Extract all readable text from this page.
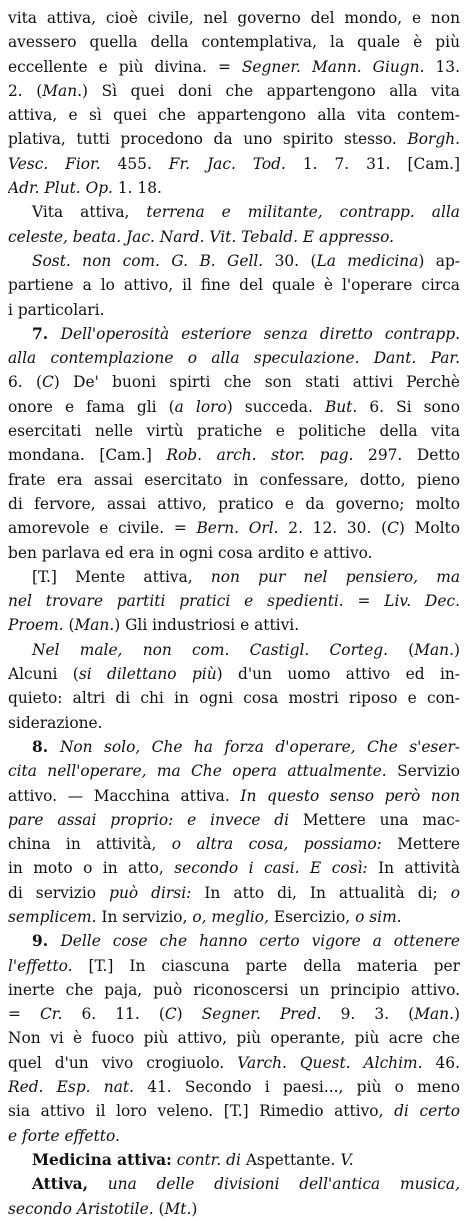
vita attiva, cioè civile, nel governo del mondo, e non
avessero quella della contemplativa, la quale è più
eccellente e più divina. = Segner. Mann. Giugn. 13.
2. (Man.) Sì quei doni che appartengono alla vita
attiva, e sì quei che appartengono alla vita contem-
plativa, tutti procedono da uno spirito stesso. Borgh.
Vesc. Fior. 455. Fr. Jac. Tod. 1. 7. 31. [Cam.]
Adr. Plut. Op. 1. 18.
Vita attiva, terrena e militante, contrapp. alla
celeste, beata. Jac. Nard. Vit. Tebald. E appresso.
Sost. non com. G. B. Gell. 30. (La medicina) ap-
partiene a lo attivo, il fine del quale è l'operare circa
i particolari.
7. Dell'operosità esteriore senza diretto contrapp.
alla contemplazione o alla speculazione. Dant. Par.
6. (C) De' buoni spirti che son stati attivi Perchè
onore e fama gli (a loro) succeda. But. 6. Si sono
esercitati nelle virtù pratiche e politiche della vita
mondana. [Cam.] Rob. arch. stor. pag. 297. Detto
frate era assai esercitato in confessare, dotto, pieno
di fervore, assai attivo, pratico e da governo; molto
amorevole e civile. = Bern. Orl. 2. 12. 30. (C) Molto
ben parlava ed era in ogni cosa ardito e attivo.
[T.] Mente attiva, non pur nel pensiero, ma
nel trovare partiti pratici e spedienti. = Liv. Dec.
Proem. (Man.) Gli industriosi e attivi.
Nel male, non com. Castigl. Corteg. (Man.)
Alcuni (si dilettano più) d'un uomo attivo ed in-
quieto: altri di chi in ogni cosa mostri riposo e con-
siderazione.
8. Non solo, Che ha forza d'operare, Che s'eser-
cita nell'operare, ma Che opera attualmente. Servizio
attivo. — Macchina attiva. In questo senso però non
pare assai proprio: e invece di Mettere una mac-
china in attività, o altra cosa, possiamo: Mettere
in moto o in atto, secondo i casi. E così: In attività
di servizio può dirsi: In atto di, In attualità di; o
semplicem. In servizio, o, meglio, Esercizio, o sim.
9. Delle cose che hanno certo vigore a ottenere
l'effetto. [T.] In ciascuna parte della materia per
inerte che paja, può riconoscersi un principio attivo.
= Cr. 6. 11. (C) Segner. Pred. 9. 3. (Man.)
Non vi è fuoco più attivo, più operante, più acre che
quel d'un vivo crogiuolo. Varch. Quest. Alchim. 46.
Red. Esp. nat. 41. Secondo i paesi..., più o meno
sia attivo il loro veleno. [T.] Rimedio attivo, di certo
e forte effetto.
Medicina attiva: contr. di Aspettante. V.
Attiva, una delle divisioni dell'antica musica,
secondo Aristotile. (Mt.)
